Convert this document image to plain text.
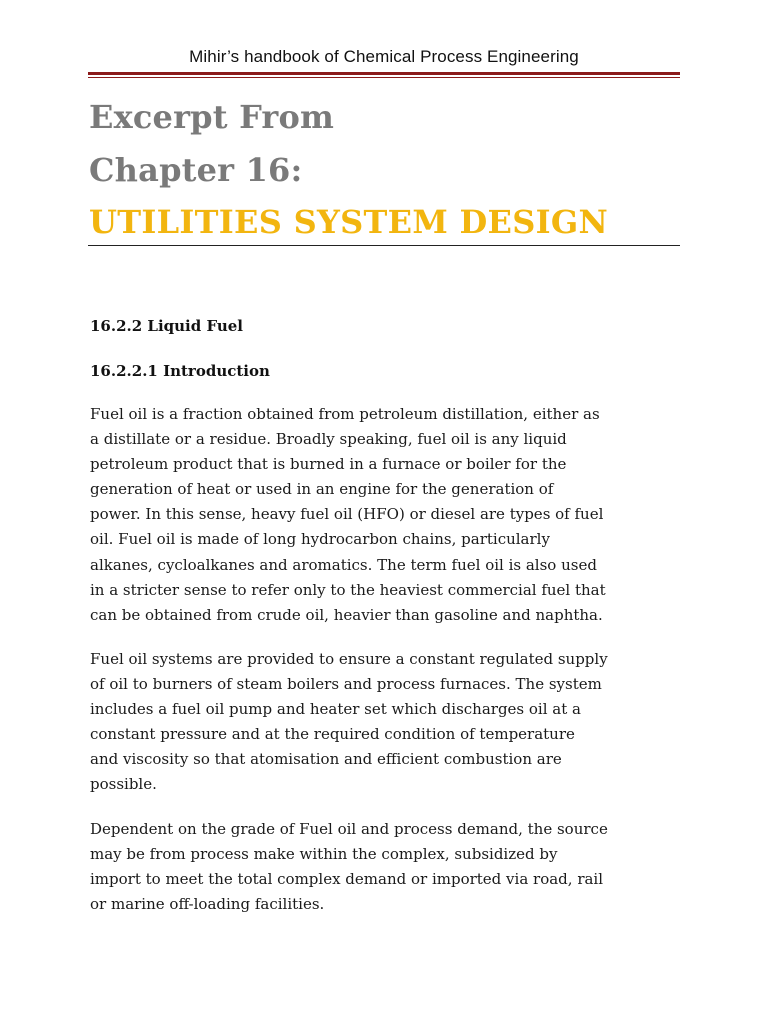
Mihir’s handbook of Chemical Process Engineering
Excerpt From
Chapter 16:
UTILITIES SYSTEM DESIGN
16.2.2 Liquid Fuel
16.2.2.1 Introduction
Fuel oil is a fraction obtained from petroleum distillation, either as
a distillate or a residue. Broadly speaking, fuel oil is any liquid
petroleum product that is burned in a furnace or boiler for the
generation of heat or used in an engine for the generation of
power. In this sense, heavy fuel oil (HFO) or diesel are types of fuel
oil. Fuel oil is made of long hydrocarbon chains, particularly
alkanes, cycloalkanes and aromatics. The term fuel oil is also used
in a stricter sense to refer only to the heaviest commercial fuel that
can be obtained from crude oil, heavier than gasoline and naphtha.
Fuel oil systems are provided to ensure a constant regulated supply
of oil to burners of steam boilers and process furnaces. The system
includes a fuel oil pump and heater set which discharges oil at a
constant pressure and at the required condition of temperature
and viscosity so that atomisation and efficient combustion are
possible.
Dependent on the grade of Fuel oil and process demand, the source
may be from process make within the complex, subsidized by
import to meet the total complex demand or imported via road, rail
or marine off-loading facilities.
